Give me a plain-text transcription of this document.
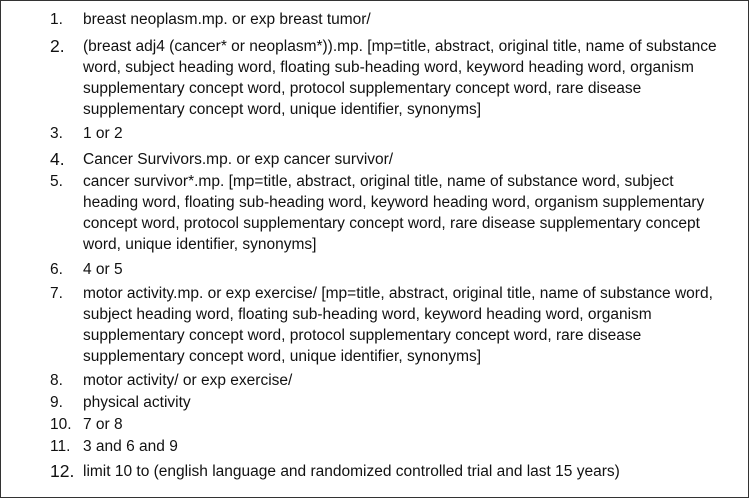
1.	breast neoplasm.mp. or exp breast tumor/
2.	(breast adj4 (cancer* or neoplasm*)).mp. [mp=title, abstract, original title, name of substance word, subject heading word, floating sub-heading word, keyword heading word, organism supplementary concept word, protocol supplementary concept word, rare disease supplementary concept word, unique identifier, synonyms]
3.	1 or 2
4.	Cancer Survivors.mp. or exp cancer survivor/
5.	cancer survivor*.mp. [mp=title, abstract, original title, name of substance word, subject heading word, floating sub-heading word, keyword heading word, organism supplementary concept word, protocol supplementary concept word, rare disease supplementary concept word, unique identifier, synonyms]
6.	4 or 5
7.	motor activity.mp. or exp exercise/ [mp=title, abstract, original title, name of substance word, subject heading word, floating sub-heading word, keyword heading word, organism supplementary concept word, protocol supplementary concept word, rare disease supplementary concept word, unique identifier, synonyms]
8.	motor activity/ or exp exercise/
9.	physical activity
10. 7 or 8
11. 3 and 6 and 9
12. limit 10 to (english language and randomized controlled trial and last 15 years)
